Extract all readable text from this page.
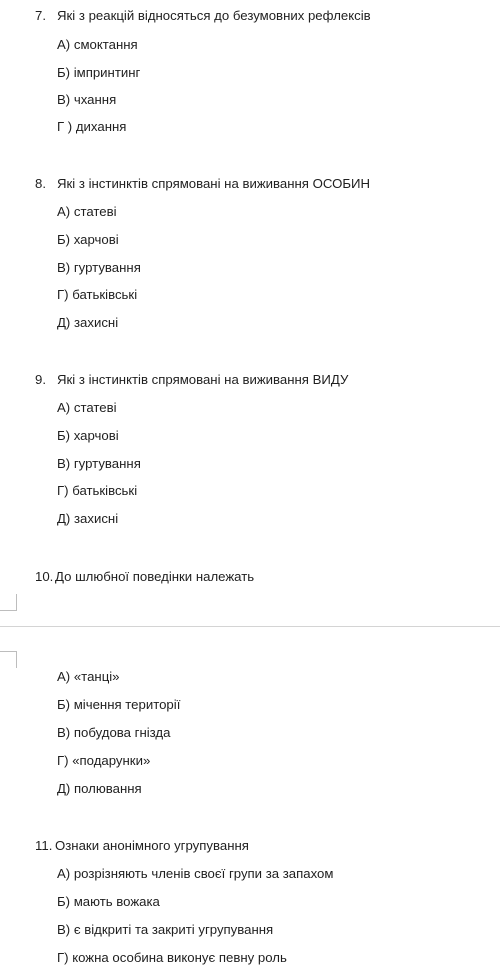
7. Які з реакцій відносяться до безумовних рефлексів
А) смоктання
Б) імпринтинг
В) чхання
Г ) дихання
8. Які з інстинктів спрямовані на виживання ОСОБИН
А) статеві
Б) харчові
В) гуртування
Г) батьківські
Д) захисні
9. Які з інстинктів спрямовані на виживання ВИДУ
А) статеві
Б) харчові
В) гуртування
Г) батьківські
Д) захисні
10. До шлюбної поведінки належать
А) «танці»
Б) мічення території
В) побудова гнізда
Г) «подарунки»
Д) полювання
11. Ознаки анонімного угрупування
А) розрізняють членів своєї групи за запахом
Б) мають вожака
В) є відкриті та закриті угрупування
Г) кожна особина виконує певну роль
